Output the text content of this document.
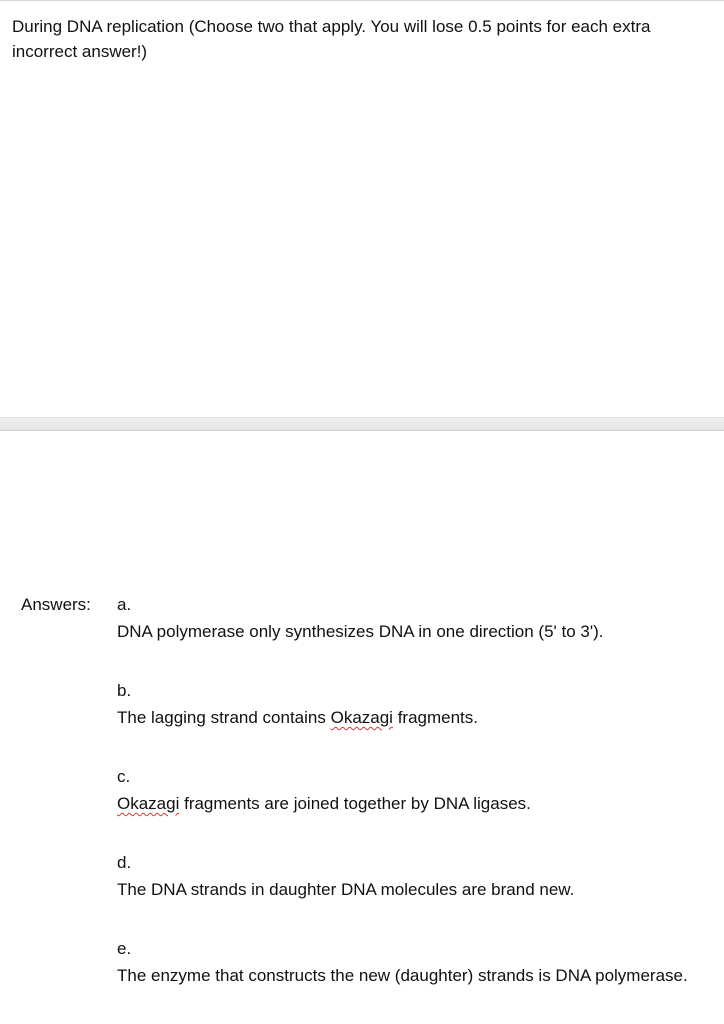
During DNA replication (Choose two that apply. You will lose 0.5 points for each extra incorrect answer!)

Answers: a.
DNA polymerase only synthesizes DNA in one direction (5' to 3').
b.
The lagging strand contains Okazagi fragments.
c.
Okazagi fragments are joined together by DNA ligases.
d.
The DNA strands in daughter DNA molecules are brand new.
e.
The enzyme that constructs the new (daughter) strands is DNA polymerase.
